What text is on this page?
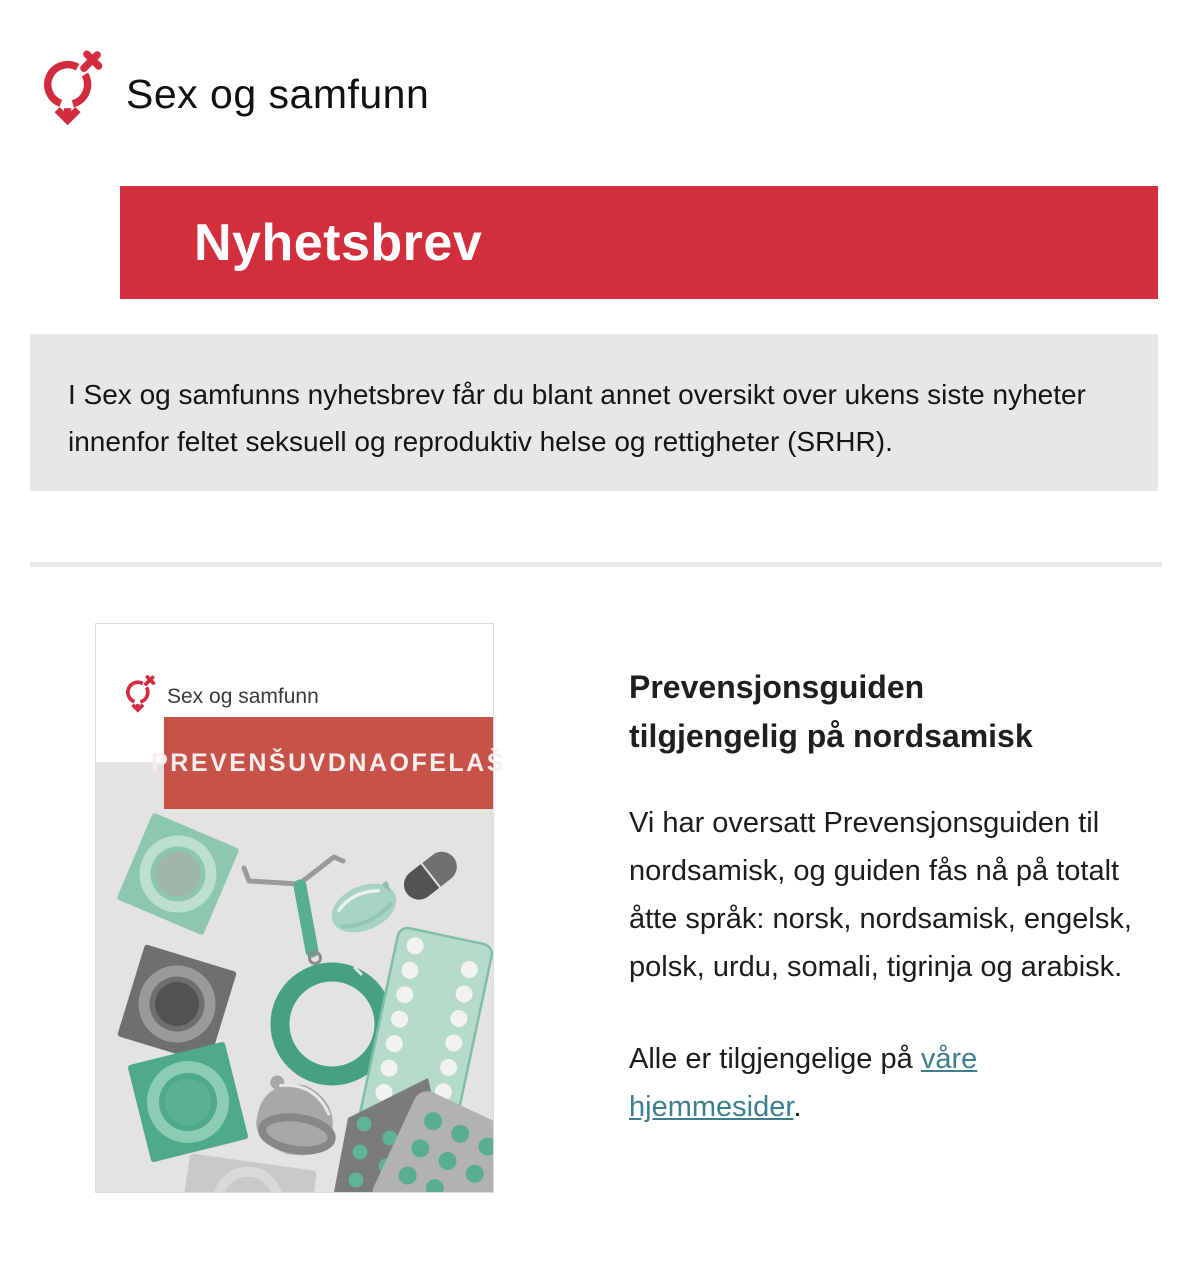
Sex og samfunn
Nyhetsbrev
I Sex og samfunns nyhetsbrev får du blant annet oversikt over ukens siste nyheter
innenfor feltet seksuell og reproduktiv helse og rettigheter (SRHR).
Sex og samfunn
PREVENŠUVDNAOFELAŠ
Prevensjonsguiden
tilgjengelig på nordsamisk

Vi har oversatt Prevensjonsguiden til nordsamisk, og guiden fås nå på totalt åtte språk: norsk, nordsamisk, engelsk, polsk, urdu, somali, tigrinja og arabisk.

Alle er tilgjengelige på våre hjemmesider.
